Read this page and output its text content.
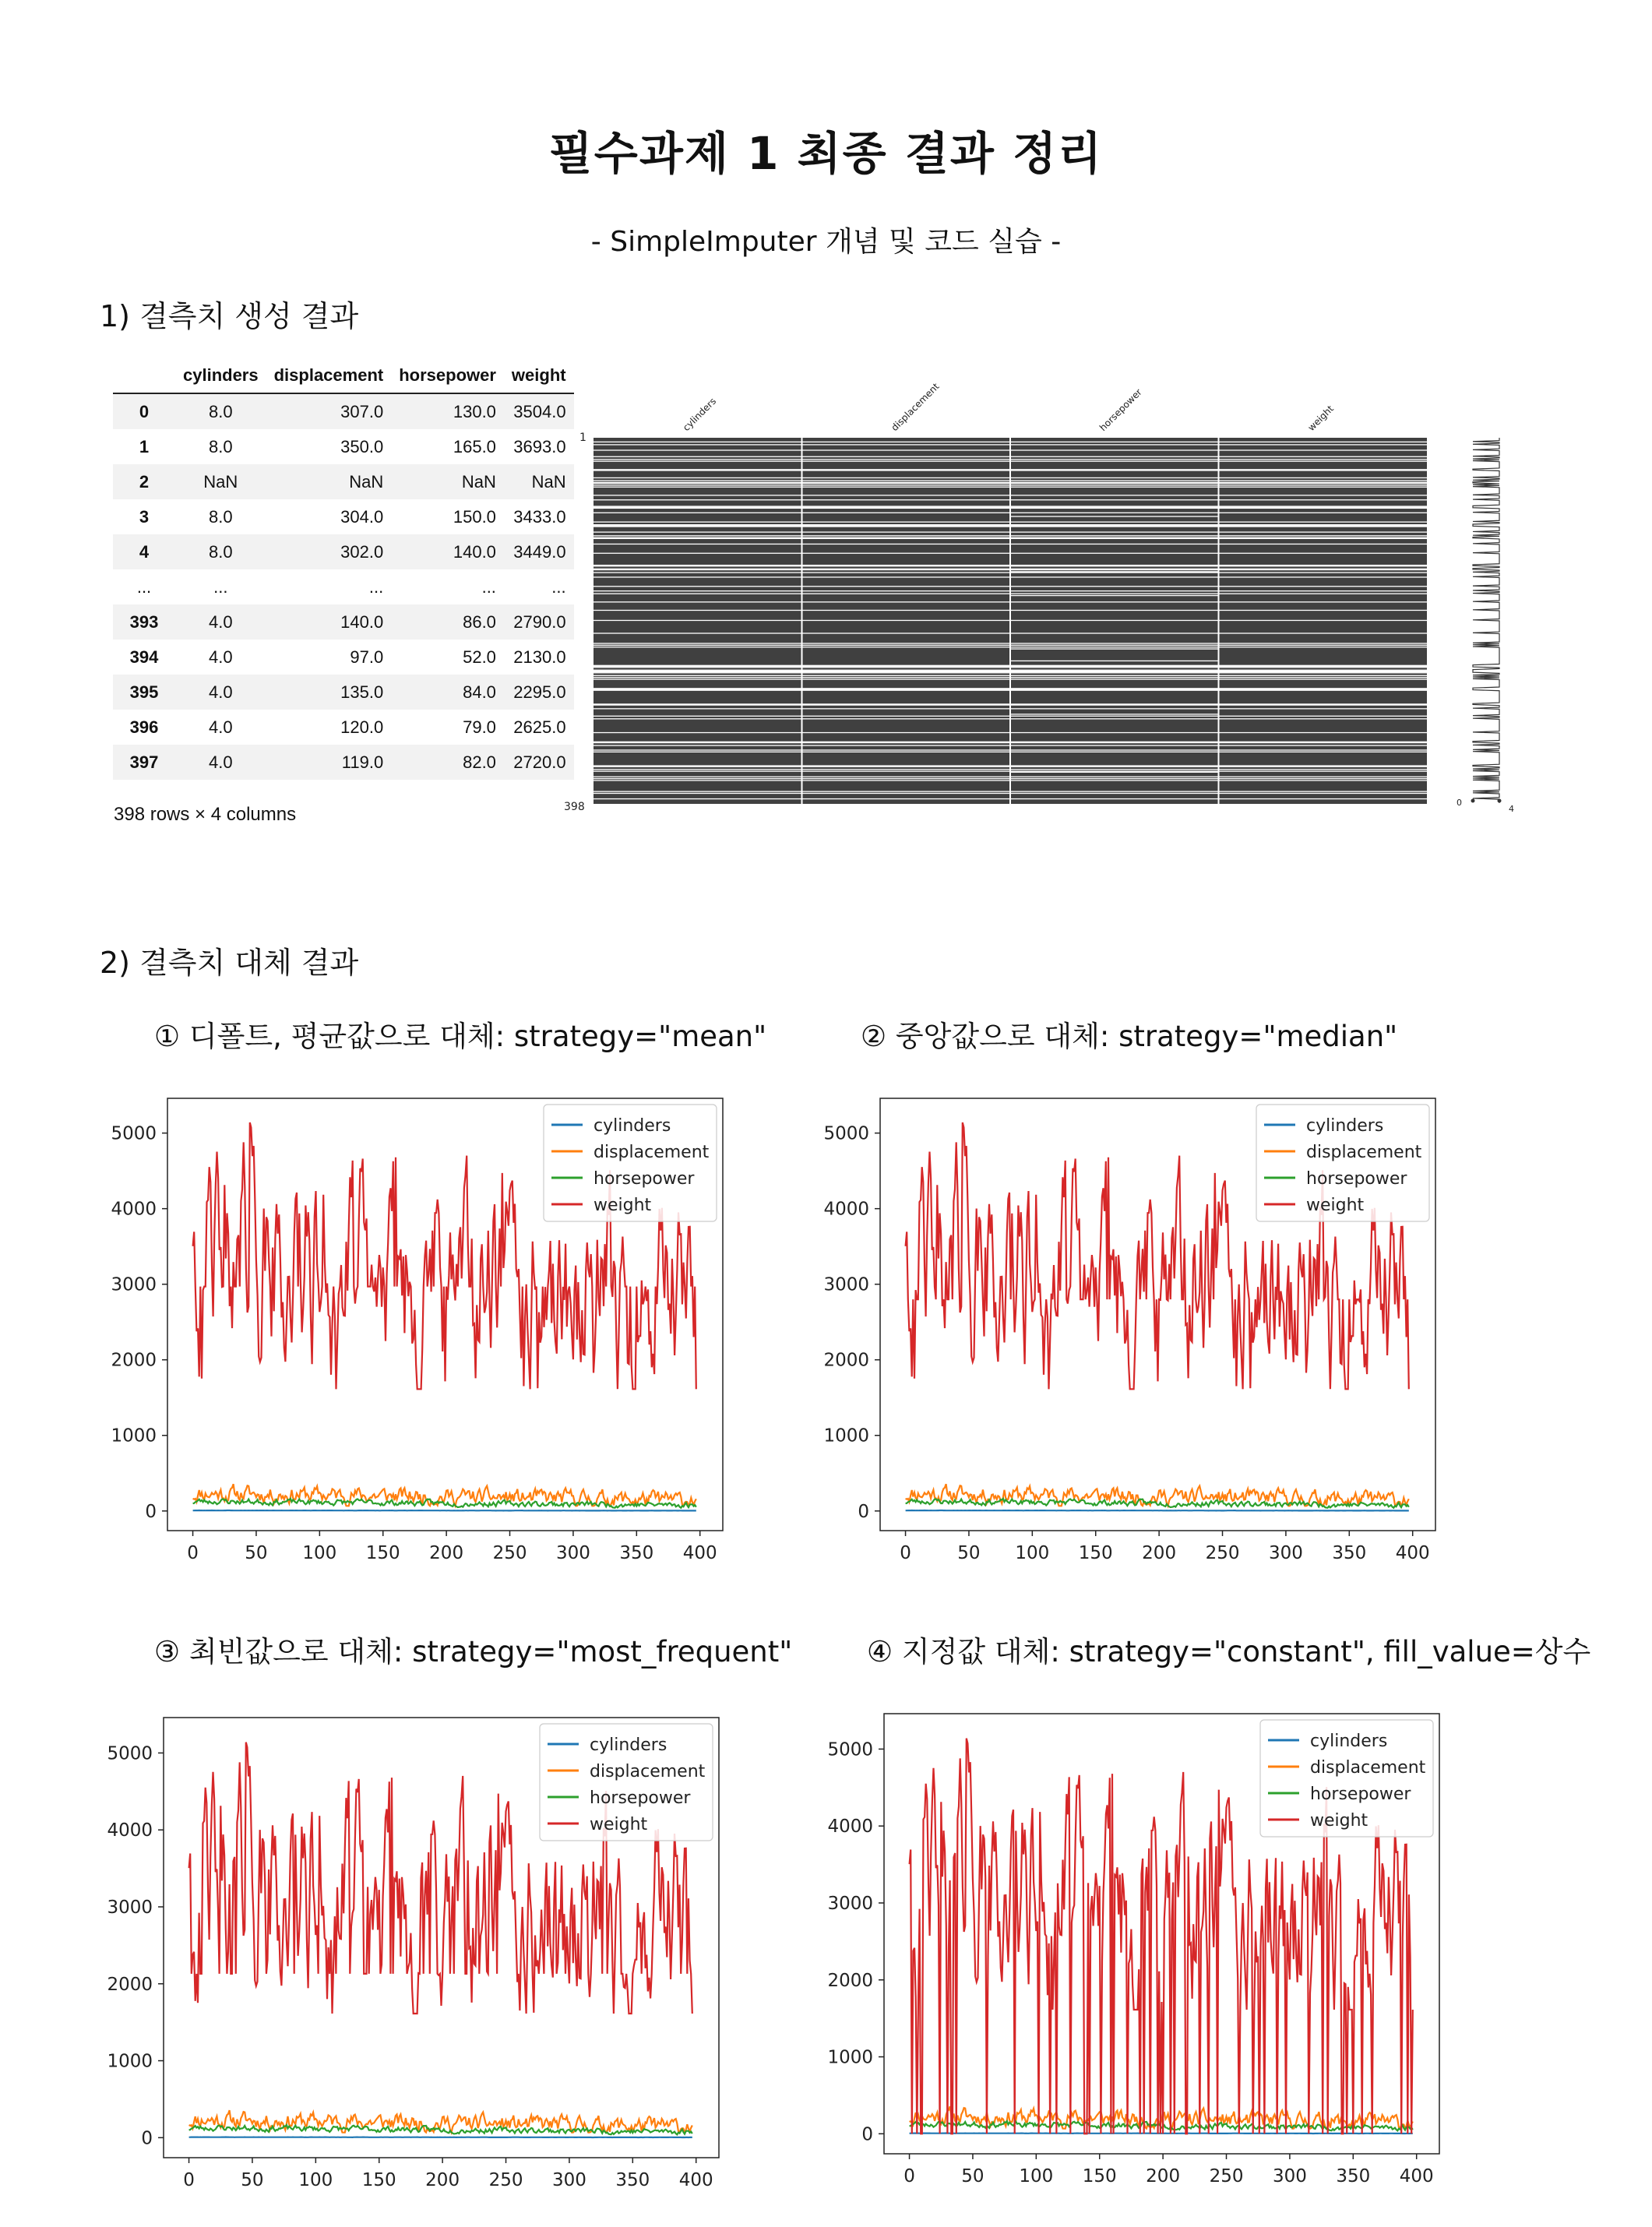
필수과제 1 최종 결과 정리
- SimpleImputer 개념 및 코드 실습 -
1) 결측치 생성 결과
	cylinders	displacement	horsepower	weight
0	8.0	307.0	130.0	3504.0
1	8.0	350.0	165.0	3693.0
2	NaN	NaN	NaN	NaN
3	8.0	304.0	150.0	3433.0
4	8.0	302.0	140.0	3449.0
...	...	...	...	...
393	4.0	140.0	86.0	2790.0
394	4.0	97.0	52.0	2130.0
395	4.0	135.0	84.0	2295.0
396	4.0	120.0	79.0	2625.0
397	4.0	119.0	82.0	2720.0
398 rows × 4 columns
cylinders	displacement	horsepower	weight
1
398	0
4
2) 결측치 대체 결과
① 디폴트, 평균값으로 대체: strategy="mean"	② 중앙값으로 대체: strategy="median"
③ 최빈값으로 대체: strategy="most_frequent"	④ 지정값 대체: strategy="constant", fill_value=상수
0	50 100 150 200 250 300 350 400
0
1000
2000
3000
4000
5000	cylinders
displacement
horsepower
weight
0	50 100 150 200 250 300 350 400
0
1000
2000
3000
4000
5000	cylinders
displacement
horsepower
weight
0	50 100 150 200 250 300 350 400
0
1000
2000
3000
4000
5000	cylinders
displacement
horsepower
weight
0	50 100 150 200 250 300 350 400
0
1000
2000
3000
4000
5000	cylinders
displacement
horsepower
weight
